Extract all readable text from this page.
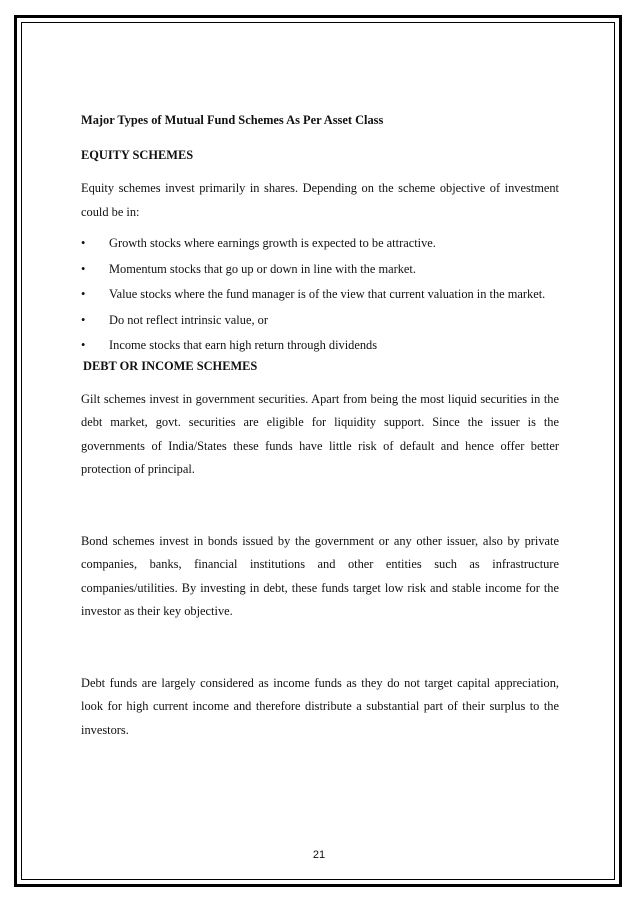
Major Types of Mutual Fund Schemes As Per Asset Class
EQUITY SCHEMES
Equity schemes invest primarily in shares. Depending on the scheme objective of investment could be in:
• Growth stocks where earnings growth is expected to be attractive.
• Momentum stocks that go up or down in line with the market.
• Value stocks where the fund manager is of the view that current valuation in the market.
• Do not reflect intrinsic value, or
• Income stocks that earn high return through dividends
DEBT OR INCOME SCHEMES
Gilt schemes invest in government securities. Apart from being the most liquid securities in the debt market, govt. securities are eligible for liquidity support. Since the issuer is the governments of India/States these funds have little risk of default and hence offer better protection of principal.
Bond schemes invest in bonds issued by the government or any other issuer, also by private companies, banks, financial institutions and other entities such as infrastructure companies/utilities. By investing in debt, these funds target low risk and stable income for the investor as their key objective.
Debt funds are largely considered as income funds as they do not target capital appreciation, look for high current income and therefore distribute a substantial part of their surplus to the investors.
21
